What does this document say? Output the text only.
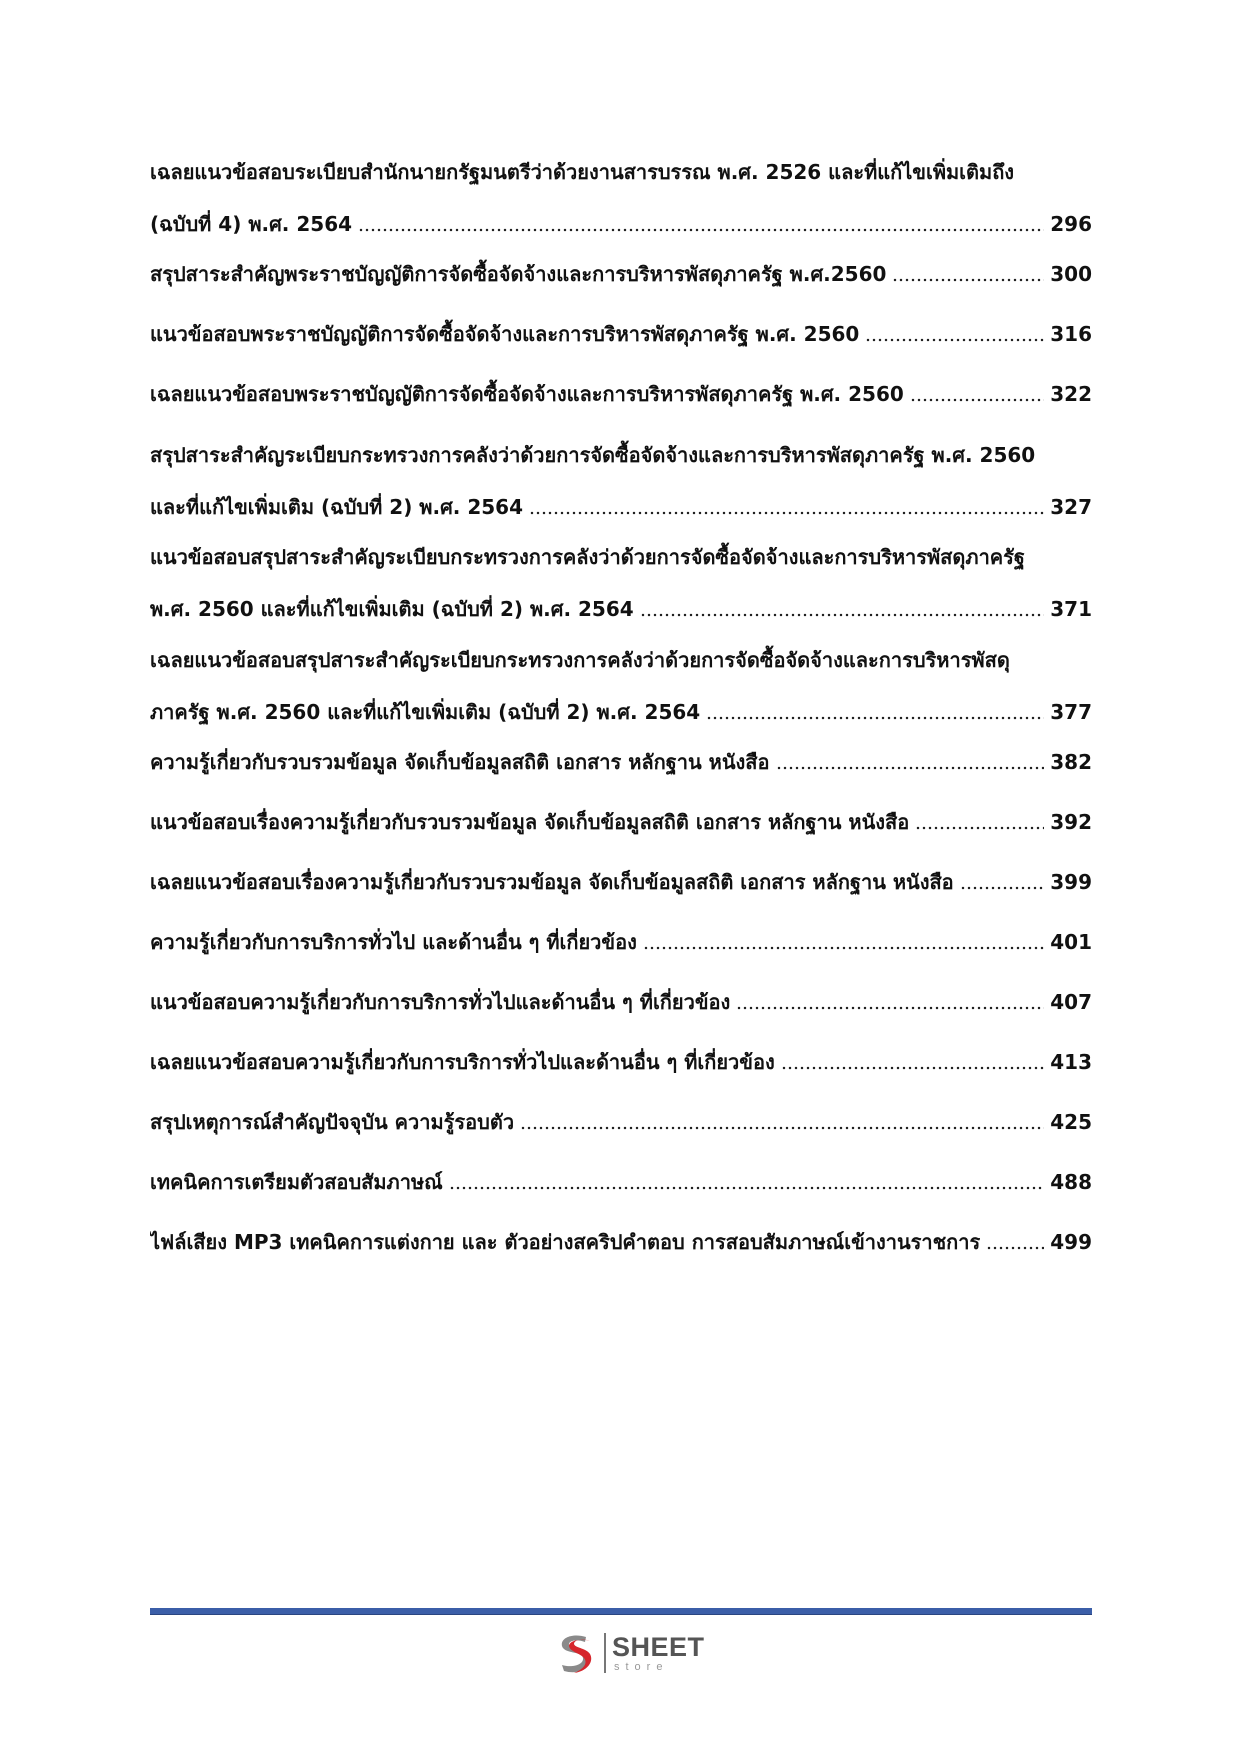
เฉลยแนวข้อสอบระเบียบสำนักนายกรัฐมนตรีว่าด้วยงานสารบรรณ พ.ศ. 2526 และที่แก้ไขเพิ่มเติมถึง
(ฉบับที่ 4) พ.ศ. 2564	296
สรุปสาระสำคัญพระราชบัญญัติการจัดซื้อจัดจ้างและการบริหารพัสดุภาครัฐ พ.ศ.2560	300
แนวข้อสอบพระราชบัญญัติการจัดซื้อจัดจ้างและการบริหารพัสดุภาครัฐ พ.ศ. 2560	316
เฉลยแนวข้อสอบพระราชบัญญัติการจัดซื้อจัดจ้างและการบริหารพัสดุภาครัฐ พ.ศ. 2560	322
สรุปสาระสำคัญระเบียบกระทรวงการคลังว่าด้วยการจัดซื้อจัดจ้างและการบริหารพัสดุภาครัฐ พ.ศ. 2560
และที่แก้ไขเพิ่มเติม (ฉบับที่ 2) พ.ศ. 2564	327
แนวข้อสอบสรุปสาระสำคัญระเบียบกระทรวงการคลังว่าด้วยการจัดซื้อจัดจ้างและการบริหารพัสดุภาครัฐ
พ.ศ. 2560 และที่แก้ไขเพิ่มเติม (ฉบับที่ 2) พ.ศ. 2564	371
เฉลยแนวข้อสอบสรุปสาระสำคัญระเบียบกระทรวงการคลังว่าด้วยการจัดซื้อจัดจ้างและการบริหารพัสดุ
ภาครัฐ พ.ศ. 2560 และที่แก้ไขเพิ่มเติม (ฉบับที่ 2) พ.ศ. 2564	377
ความรู้เกี่ยวกับรวบรวมข้อมูล จัดเก็บข้อมูลสถิติ เอกสาร หลักฐาน หนังสือ	382
แนวข้อสอบเรื่องความรู้เกี่ยวกับรวบรวมข้อมูล จัดเก็บข้อมูลสถิติ เอกสาร หลักฐาน หนังสือ	392
เฉลยแนวข้อสอบเรื่องความรู้เกี่ยวกับรวบรวมข้อมูล จัดเก็บข้อมูลสถิติ เอกสาร หลักฐาน หนังสือ	399
ความรู้เกี่ยวกับการบริการทั่วไป และด้านอื่น ๆ ที่เกี่ยวข้อง	401
แนวข้อสอบความรู้เกี่ยวกับการบริการทั่วไปและด้านอื่น ๆ ที่เกี่ยวข้อง	407
เฉลยแนวข้อสอบความรู้เกี่ยวกับการบริการทั่วไปและด้านอื่น ๆ ที่เกี่ยวข้อง	413
สรุปเหตุการณ์สำคัญปัจจุบัน ความรู้รอบตัว	425
เทคนิคการเตรียมตัวสอบสัมภาษณ์	488
ไฟล์เสียง MP3 เทคนิคการแต่งกาย และ ตัวอย่างสคริปคำตอบ การสอบสัมภาษณ์เข้างานราชการ	499
SHEET
store
